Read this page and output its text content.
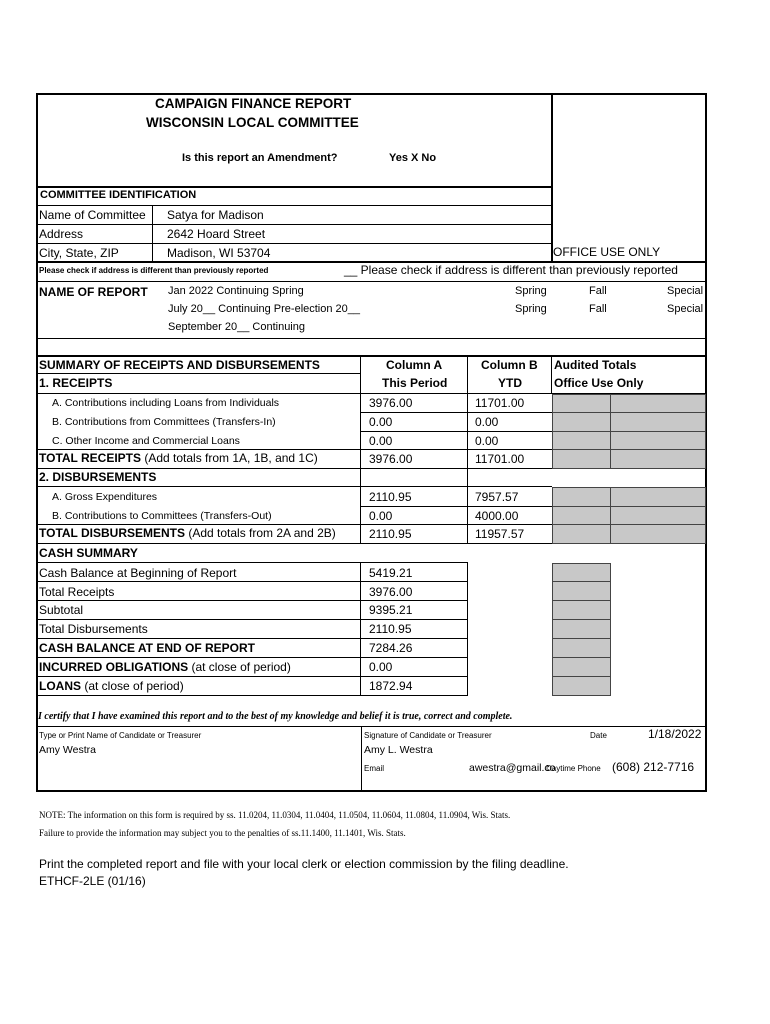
CAMPAIGN FINANCE REPORT
WISCONSIN LOCAL COMMITTEE
Is this report an Amendment?	Yes X No
COMMITTEE IDENTIFICATION
Name of Committee Satya for Madison
Address	2642 Hoard Street
City, State, ZIP	Madison, WI 53704	OFFICE USE ONLY
Please check if address is different than previously reported	__ Please check if address is different than previously reported
NAME OF REPORT Jan 2022 Continuing Spring
July 20__ Continuing Pre-election 20__
September 20__ Continuing
Spring	Fall	Special
Spring	Fall	Special
SUMMARY OF RECEIPTS AND DISBURSEMENTS
1. RECEIPTS
Column A
This Period
Column B
YTD
Audited Totals
Office Use Only
A. Contributions including Loans from Individuals	3976.00	11701.00
B. Contributions from Committees (Transfers-In)	0.00	0.00
C. Other Income and Commercial Loans	0.00	0.00
TOTAL RECEIPTS (Add totals from 1A, 1B, and 1C)	3976.00	11701.00
2. DISBURSEMENTS
A. Gross Expenditures	2110.95	7957.57
B. Contributions to Committees (Transfers-Out)	0.00	4000.00
TOTAL DISBURSEMENTS (Add totals from 2A and 2B)	2110.95	11957.57
CASH SUMMARY
Cash Balance at Beginning of Report	5419.21
Total Receipts	3976.00
Subtotal	9395.21
Total Disbursements	2110.95
CASH BALANCE AT END OF REPORT	7284.26
INCURRED OBLIGATIONS (at close of period)	0.00
LOANS (at close of period)	1872.94
I certify that I have examined this report and to the best of my knowledge and belief it is true, correct and complete.
Type or Print Name of Candidate or Treasurer
Amy Westra
Signature of Candidate or Treasurer
Amy L. Westra
Date	1/18/2022
Email	awestra@gmail.co
Daytime Phone (608) 212-7716
NOTE: The information on this form is required by ss. 11.0204, 11.0304, 11.0404, 11.0504, 11.0604, 11.0804, 11.0904, Wis. Stats.
Failure to provide the information may subject you to the penalties of ss.11.1400, 11.1401, Wis. Stats.
Print the completed report and file with your local clerk or election commission by the filing deadline.
ETHCF-2LE (01/16)
